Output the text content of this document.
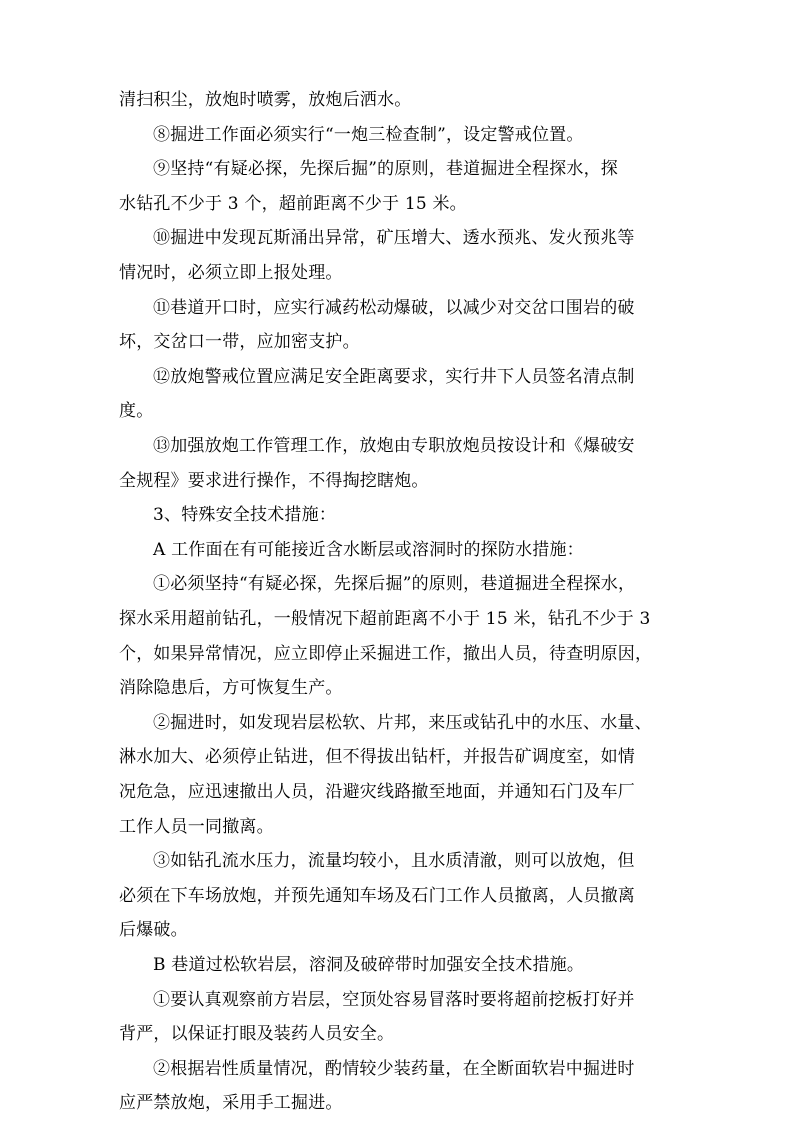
清扫积尘，放炮时喷雾，放炮后洒水。

⑧掘进工作面必须实行“一炮三检查制”，设定警戒位置。

⑨坚持“有疑必探，先探后掘”的原则，巷道掘进全程探水，探

水钻孔不少于 3 个，超前距离不少于 15 米。

⑩掘进中发现瓦斯涌出异常，矿压增大、透水预兆、发火预兆等

情况时，必须立即上报处理。

⑪巷道开口时，应实行减药松动爆破，以减少对交岔口围岩的破

坏，交岔口一带，应加密支护。

⑫放炮警戒位置应满足安全距离要求，实行井下人员签名清点制

度。

⑬加强放炮工作管理工作，放炮由专职放炮员按设计和《爆破安

全规程》要求进行操作，不得掏挖瞎炮。

3、特殊安全技术措施：

A 工作面在有可能接近含水断层或溶洞时的探防水措施：

①必须坚持“有疑必探，先探后掘”的原则，巷道掘进全程探水，

探水采用超前钻孔，一般情况下超前距离不小于 15 米，钻孔不少于 3

个，如果异常情况，应立即停止采掘进工作，撤出人员，待查明原因，

消除隐患后，方可恢复生产。

②掘进时，如发现岩层松软、片邦，来压或钻孔中的水压、水量、

淋水加大、必须停止钻进，但不得拔出钻杆，并报告矿调度室，如情

况危急，应迅速撤出人员，沿避灾线路撤至地面，并通知石门及车厂

工作人员一同撤离。

③如钻孔流水压力，流量均较小，且水质清澈，则可以放炮，但

必须在下车场放炮，并预先通知车场及石门工作人员撤离，人员撤离

后爆破。

B 巷道过松软岩层，溶洞及破碎带时加强安全技术措施。

①要认真观察前方岩层，空顶处容易冒落时要将超前挖板打好并

背严，以保证打眼及装药人员安全。

②根据岩性质量情况，酌情较少装药量，在全断面软岩中掘进时

应严禁放炮，采用手工掘进。
